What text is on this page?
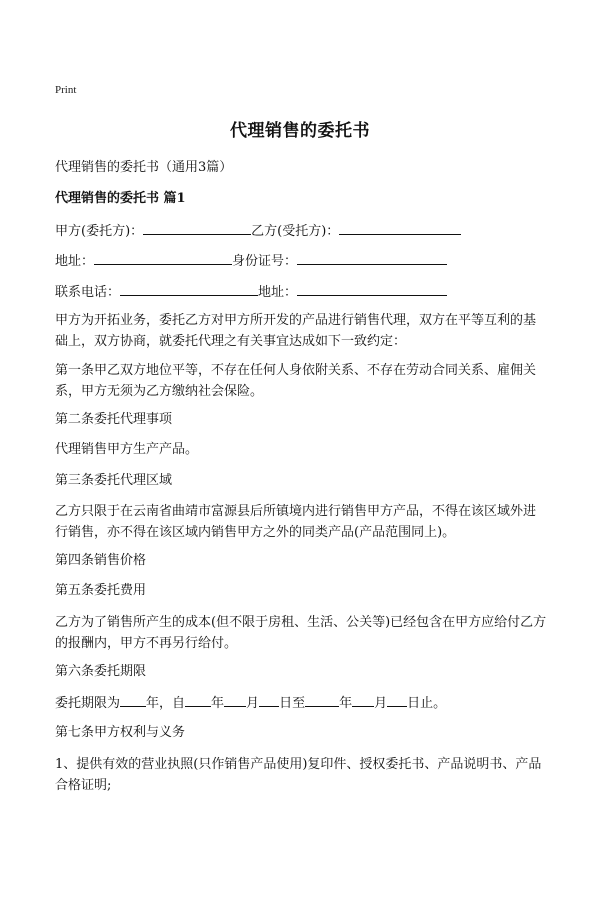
Print
代理销售的委托书
代理销售的委托书（通用3篇）
代理销售的委托书 篇1
甲方(委托方)：	乙方(受托方)：
地址：	身份证号：
联系电话：	地址：
甲方为开拓业务，委托乙方对甲方所开发的产品进行销售代理，双方在平等互利的基础上，双方协商，就委托代理之有关事宜达成如下一致约定：
第一条甲乙双方地位平等，不存在任何人身依附关系、不存在劳动合同关系、雇佣关系，甲方无须为乙方缴纳社会保险。
第二条委托代理事项
代理销售甲方生产产品。
第三条委托代理区域
乙方只限于在云南省曲靖市富源县后所镇境内进行销售甲方产品，不得在该区域外进行销售，亦不得在该区域内销售甲方之外的同类产品(产品范围同上)。
第四条销售价格
第五条委托费用
乙方为了销售所产生的成本(但不限于房租、生活、公关等)已经包含在甲方应给付乙方的报酬内，甲方不再另行给付。
第六条委托期限
委托期限为 年，自 年 月 日至	年 月 日止。
第七条甲方权利与义务
1、提供有效的营业执照(只作销售产品使用)复印件、授权委托书、产品说明书、产品合格证明;
